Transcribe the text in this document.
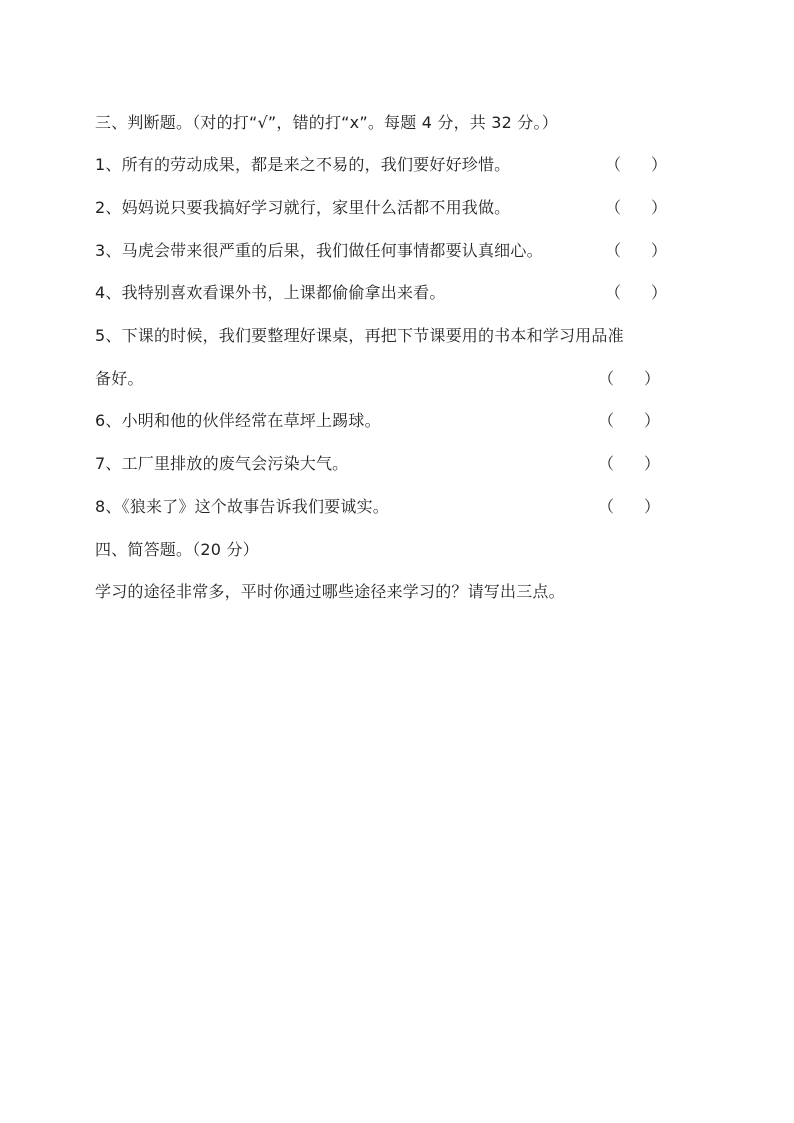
三、判断题。（对的打“√”，错的打“x”。每题 4 分，共 32 分。）
1、所有的劳动成果，都是来之不易的，我们要好好珍惜。	（ ）
2、妈妈说只要我搞好学习就行，家里什么活都不用我做。	（ ）
3、马虎会带来很严重的后果，我们做任何事情都要认真细心。	（ ）
4、我特别喜欢看课外书，上课都偷偷拿出来看。	（ ）
5、下课的时候，我们要整理好课桌，再把下节课要用的书本和学习用品准
备好。	（ ）
6、小明和他的伙伴经常在草坪上踢球。	（ ）
7、工厂里排放的废气会污染大气。	（ ）
8、《狼来了》这个故事告诉我们要诚实。	（ ）
四、简答题。（20 分）
学习的途径非常多，平时你通过哪些途径来学习的？请写出三点。
